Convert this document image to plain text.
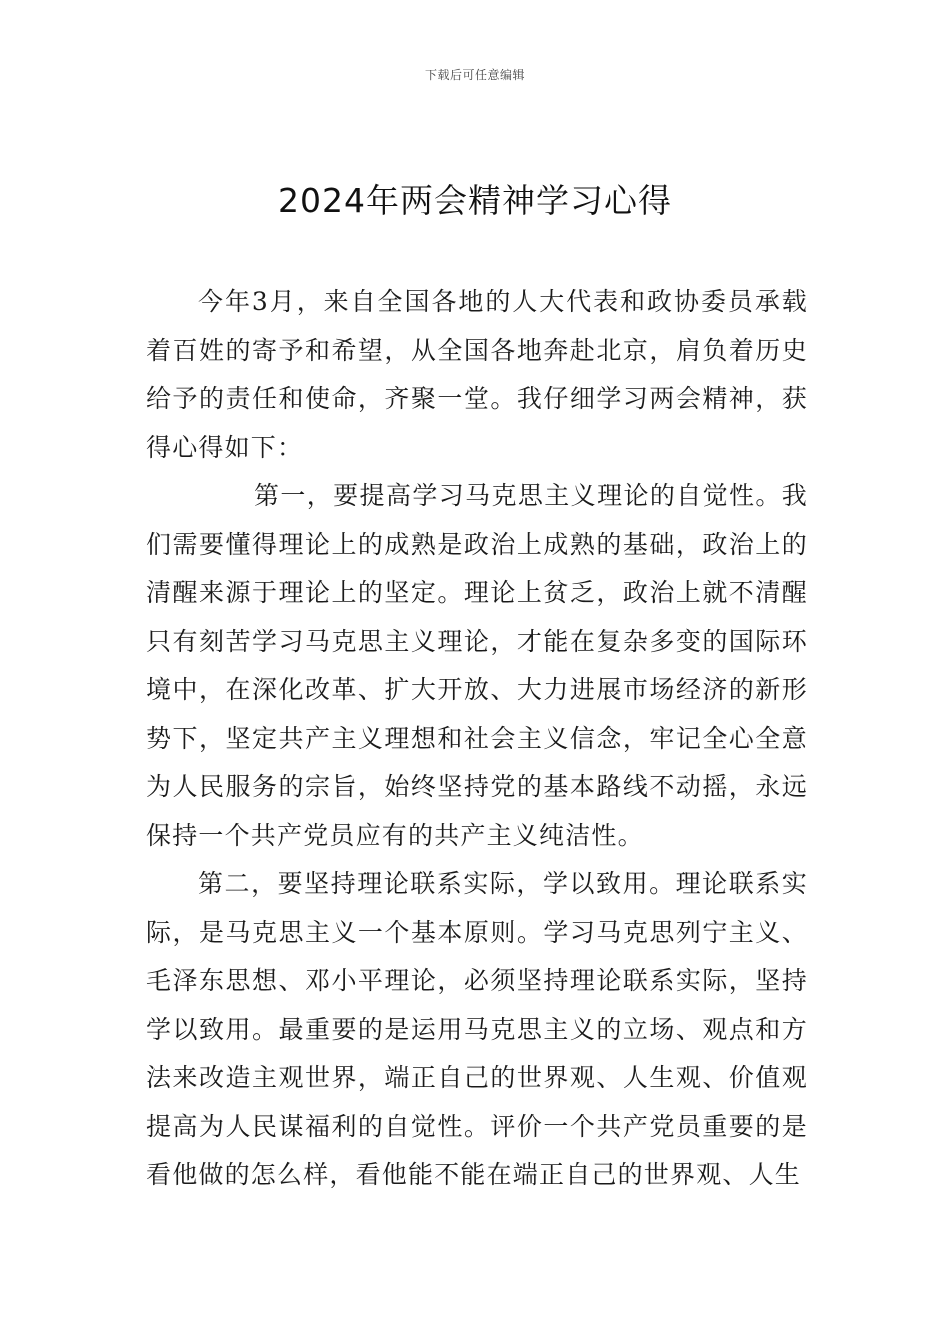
下载后可任意编辑
2024年两会精神学习心得

今年3月，来自全国各地的人大代表和政协委员承载着百姓的寄予和希望，从全国各地奔赴北京，肩负着历史给予的责任和使命，齐聚一堂。我仔细学习两会精神，获得心得如下：

第一，要提高学习马克思主义理论的自觉性。我们需要懂得理论上的成熟是政治上成熟的基础，政治上的清醒来源于理论上的坚定。理论上贫乏，政治上就不清醒只有刻苦学习马克思主义理论，才能在复杂多变的国际环境中，在深化改革、扩大开放、大力进展市场经济的新形势下，坚定共产主义理想和社会主义信念，牢记全心全意为人民服务的宗旨，始终坚持党的基本路线不动摇，永远保持一个共产党员应有的共产主义纯洁性。

第二，要坚持理论联系实际，学以致用。理论联系实际，是马克思主义一个基本原则。学习马克思列宁主义、毛泽东思想、邓小平理论，必须坚持理论联系实际，坚持学以致用。最重要的是运用马克思主义的立场、观点和方法来改造主观世界，端正自己的世界观、人生观、价值观提高为人民谋福利的自觉性。评价一个共产党员重要的是看他做的怎么样，看他能不能在端正自己的世界观、人生
